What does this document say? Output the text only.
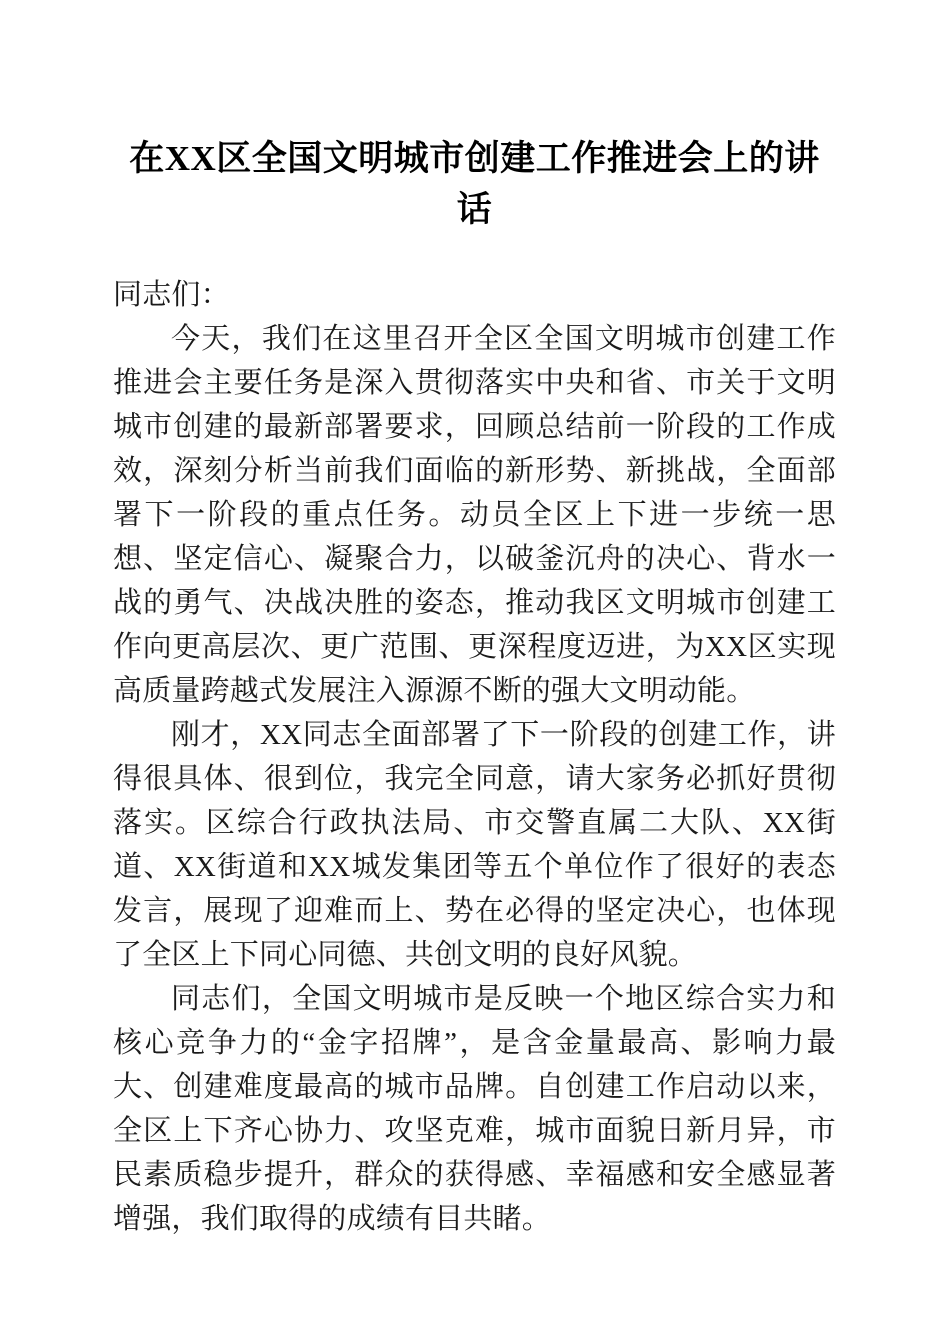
在XX区全国文明城市创建工作推进会上的讲话

同志们：

今天，我们在这里召开全区全国文明城市创建工作推进会主要任务是深入贯彻落实中央和省、市关于文明城市创建的最新部署要求，回顾总结前一阶段的工作成效，深刻分析当前我们面临的新形势、新挑战，全面部署下一阶段的重点任务。动员全区上下进一步统一思想、坚定信心、凝聚合力，以破釜沉舟的决心、背水一战的勇气、决战决胜的姿态，推动我区文明城市创建工作向更高层次、更广范围、更深程度迈进，为XX区实现高质量跨越式发展注入源源不断的强大文明动能。

刚才，XX同志全面部署了下一阶段的创建工作，讲得很具体、很到位，我完全同意，请大家务必抓好贯彻落实。区综合行政执法局、市交警直属二大队、XX街道、XX街道和XX城发集团等五个单位作了很好的表态发言，展现了迎难而上、势在必得的坚定决心，也体现了全区上下同心同德、共创文明的良好风貌。

同志们，全国文明城市是反映一个地区综合实力和核心竞争力的“金字招牌”，是含金量最高、影响力最大、创建难度最高的城市品牌。自创建工作启动以来，全区上下齐心协力、攻坚克难，城市面貌日新月异，市民素质稳步提升，群众的获得感、幸福感和安全感显著增强，我们取得的成绩有目共睹。
